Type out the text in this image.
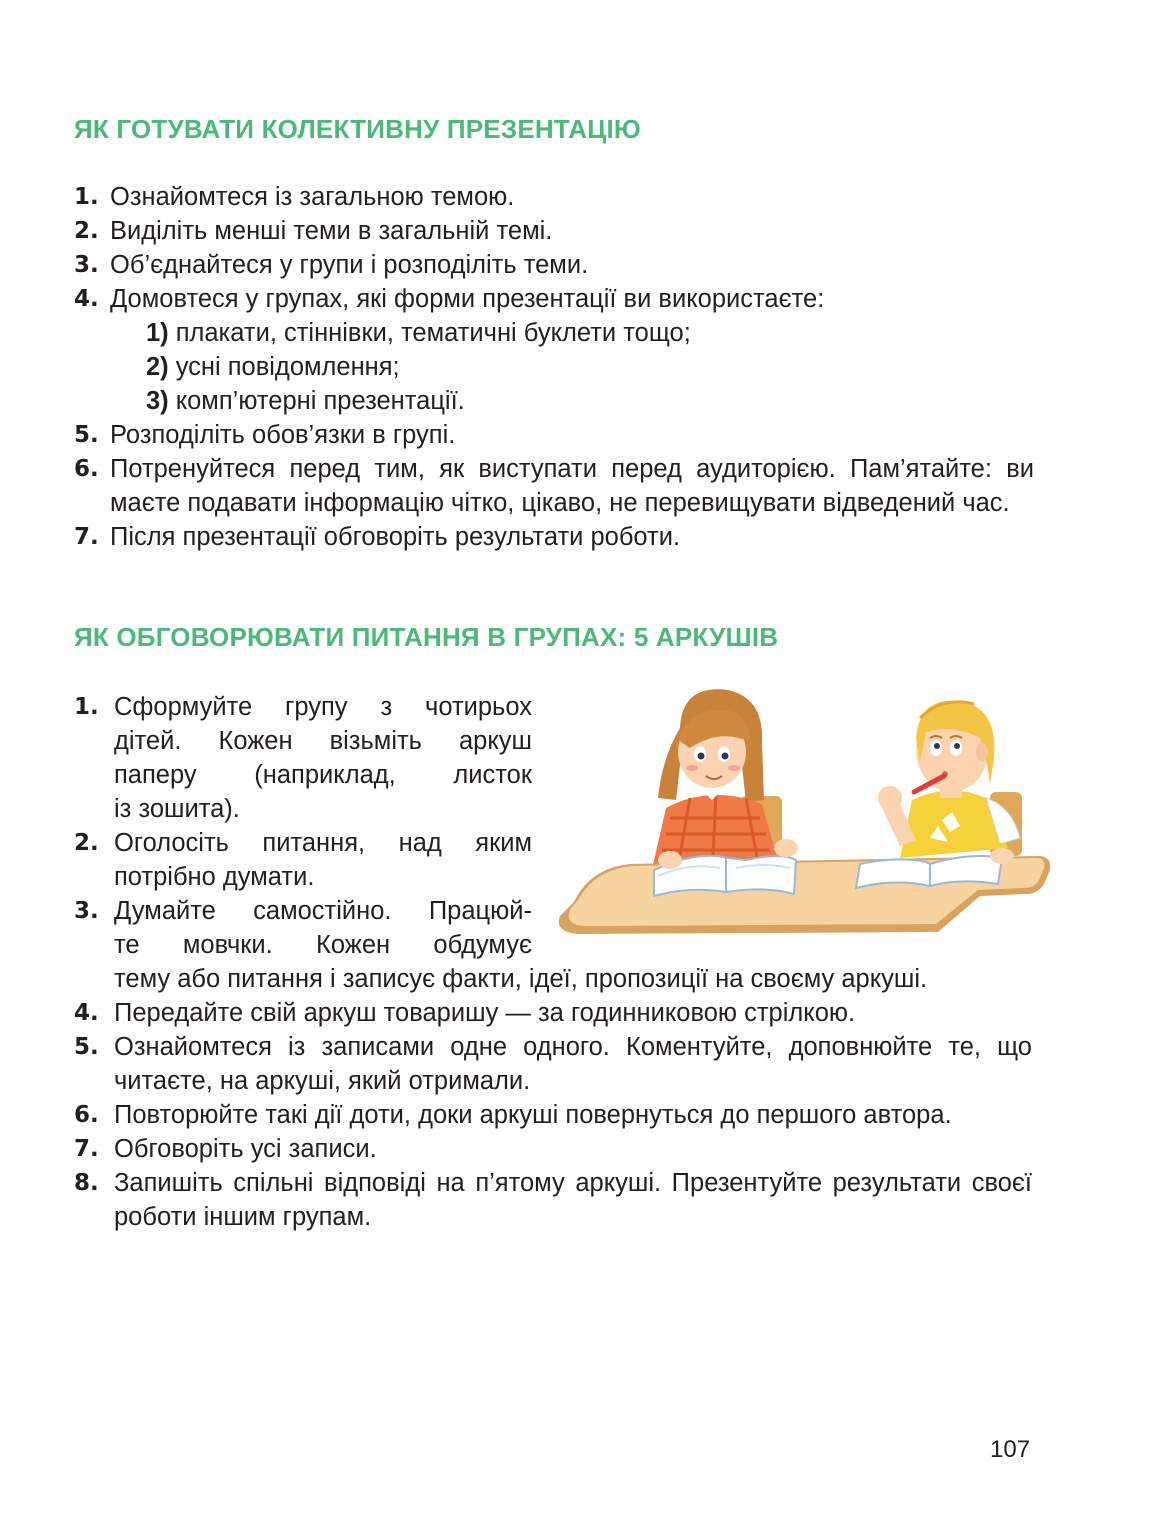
ЯК ГОТУВАТИ КОЛЕКТИВНУ ПРЕЗЕНТАЦІЮ
1. Ознайомтеся із загальною темою.
2. Виділіть менші теми в загальній темі.
3. Об’єднайтеся у групи і розподіліть теми.
4. Домовтеся у групах, які форми презентації ви використаєте:
1) плакати, стіннівки, тематичні буклети тощо;
2) усні повідомлення;
3) комп’ютерні презентації.
5. Розподіліть обов’язки в групі.
6. Потренуйтеся перед тим, як виступати перед аудиторією. Пам’ятайте: ви маєте подавати інформацію чітко, цікаво, не перевищувати відведений час.
7. Після презентації обговоріть результати роботи.
ЯК ОБГОВОРЮВАТИ ПИТАННЯ В ГРУПАХ: 5 АРКУШІВ
1. Сформуйте групу з чотирьох
дітей. Кожен візьміть аркуш
паперу (наприклад, листок
із зошита).
2. Оголосіть питання, над яким
потрібно думати.
3. Думайте самостійно. Працюй-
те мовчки. Кожен обдумує
тему або питання і записує факти, ідеї, пропозиції на своєму аркуші.
4. Передайте свій аркуш товаришу — за годинниковою стрілкою.
5. Ознайомтеся із записами одне одного. Коментуйте, доповнюйте те, що читаєте, на аркуші, який отримали.
6. Повторюйте такі дії доти, доки аркуші повернуться до першого автора.
7. Обговоріть усі записи.
8. Запишіть спільні відповіді на п’ятому аркуші. Презентуйте результати своєї роботи іншим групам.
107
